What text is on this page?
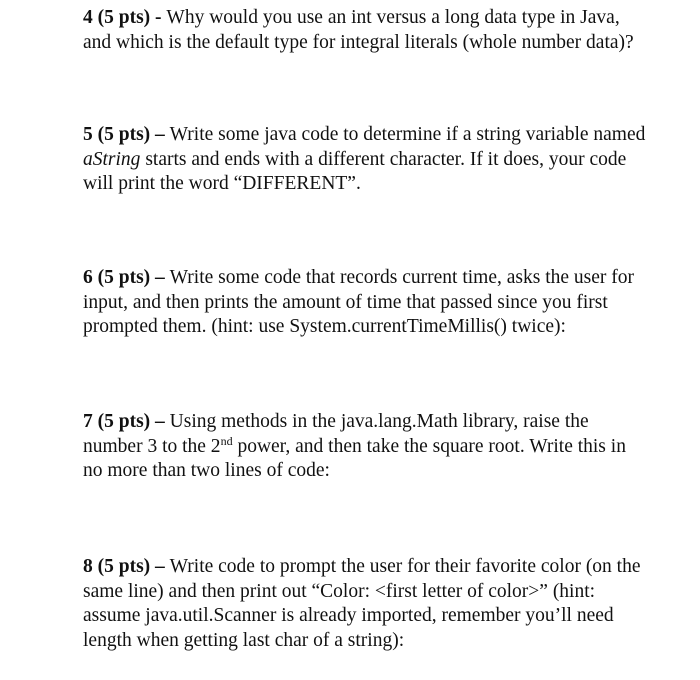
4 (5 pts) - Why would you use an int versus a long data type in Java,
and which is the default type for integral literals (whole number data)?
5 (5 pts) – Write some java code to determine if a string variable named
aString starts and ends with a different character. If it does, your code
will print the word “DIFFERENT”.
6 (5 pts) – Write some code that records current time, asks the user for
input, and then prints the amount of time that passed since you first
prompted them. (hint: use System.currentTimeMillis() twice):
7 (5 pts) – Using methods in the java.lang.Math library, raise the
number 3 to the 2nd power, and then take the square root. Write this in
no more than two lines of code:
8 (5 pts) – Write code to prompt the user for their favorite color (on the
same line) and then print out “Color: <first letter of color>” (hint:
assume java.util.Scanner is already imported, remember you’ll need
length when getting last char of a string):
